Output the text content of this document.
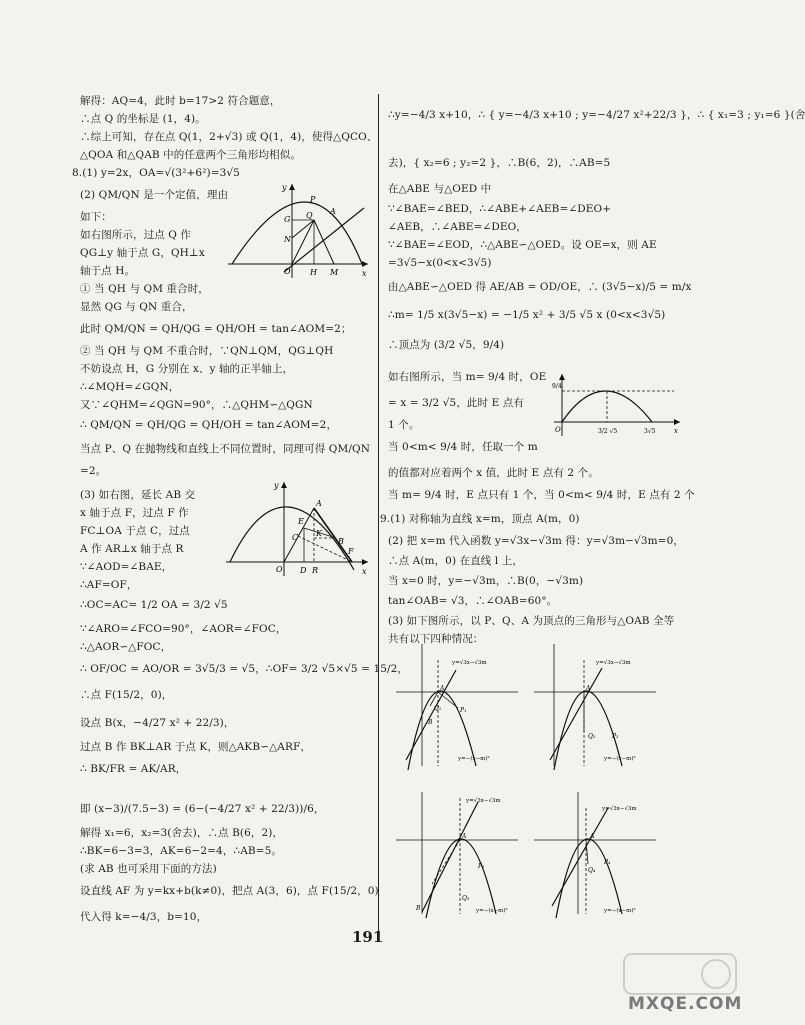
解得：AQ=4，此时 b=17>2 符合题意，
∴点 Q 的坐标是 (1，4)。
∴综上可知，存在点 Q(1，2+√3) 或 Q(1，4)，使得△QCO、
△QOA 和△QAB 中的任意两个三角形均相似。
8.(1) y=2x，OA=√(3²+6²)=3√5
(2) QM/QN 是一个定值，理由
如下：
如右图所示，过点 Q 作
QG⊥y 轴于点 G，QH⊥x
轴于点 H。
① 当 QH 与 QM 重合时，
显然 QG 与 QN 重合，
此时 QM/QN = QH/QG = QH/OH = tan∠AOM=2；
② 当 QH 与 QM 不重合时，∵QN⊥QM，QG⊥QH
不妨设点 H，G 分别在 x、y 轴的正半轴上，
∴∠MQH=∠GQN，
又∵∠QHM=∠QGN=90°，∴△QHM∽△QGN
∴ QM/QN = QH/QG = QH/OH = tan∠AOM=2，
当点 P、Q 在抛物线和直线上不同位置时，同理可得 QM/QN
=2。
(3) 如右图，延长 AB 交
x 轴于点 F，过点 F 作
FC⊥OA 于点 C，过点
A 作 AR⊥x 轴于点 R
∵∠AOD=∠BAE，
∴AF=OF，
∴OC=AC= 1/2 OA = 3/2 √5
∵∠ARO=∠FCO=90°，∠AOR=∠FOC，
∴△AOR∽△FOC，
∴ OF/OC = AO/OR = 3√5/3 = √5，∴OF= 3/2 √5×√5 = 15/2，
∴点 F(15/2，0)，
设点 B(x，−4/27 x² + 22/3)，
过点 B 作 BK⊥AR 于点 K，则△AKB∽△ARF，
∴ BK/FR = AK/AR，
即 (x−3)/(7.5−3) = (6−(−4/27 x² + 22/3))/6，
解得 x₁=6，x₂=3(舍去)，∴点 B(6，2)，
∴BK=6−3=3，AK=6−2=4，∴AB=5。
(求 AB 也可采用下面的方法)
设直线 AF 为 y=kx+b(k≠0)，把点 A(3，6)，点 F(15/2，0)
代入得 k=−4/3，b=10，
y
x
O
N
G Q
P
A
H M
y
x
O
E
A
C	B
K
F
D R
∴y=−4/3 x+10，∴ { y=−4/3 x+10 ; y=−4/27 x²+22/3 }，∴ { x₁=3 ; y₁=6 }(舍
去)，{ x₂=6 ; y₂=2 }，∴B(6，2)，∴AB=5
在△ABE 与△OED 中
∵∠BAE=∠BED，∴∠ABE+∠AEB=∠DEO+
∠AEB，∴∠ABE=∠DEO，
∵∠BAE=∠EOD，∴△ABE∽△OED。设 OE=x，则 AE
=3√5−x(0<x<3√5)
由△ABE∽△OED 得 AE/AB = OD/OE，∴ (3√5−x)/5 = m/x
∴m= 1/5 x(3√5−x) = −1/5 x² + 3/5 √5 x (0<x<3√5)
∴顶点为 (3/2 √5，9/4)
如右图所示，当 m= 9/4 时，OE
= x = 3/2 √5，此时 E 点有
1 个。
当 0<m< 9/4 时，任取一个 m
的值都对应着两个 x 值，此时 E 点有 2 个。
当 m= 9/4 时，E 点只有 1 个，当 0<m< 9/4 时，E 点有 2 个
9.(1) 对称轴为直线 x=m，顶点 A(m，0)
(2) 把 x=m 代入函数 y=√3x−√3m 得：y=√3m−√3m=0，
∴点 A(m，0) 在直线 l 上，
当 x=0 时，y=−√3m，∴B(0，−√3m)
tan∠OAB= √3，∴∠OAB=60°。
(3) 如下图所示，以 P、Q、A 为顶点的三角形与△OAB 全等
共有以下四种情况：
9/4
O	3/2 √5	3√5	x
y=√3x−√3m
y=−(x−m)²
A
B
P₁
Q₁
y=√3x−√3m
y=−(x−m)²
A
P₂
Q₂
y=√3x−√3m
y=−(x−m)²
A
B
P₃
Q₃
y=√3x−√3m
y=−(x−m)²
A
P₄
Q₄
191
MXQE.COM
